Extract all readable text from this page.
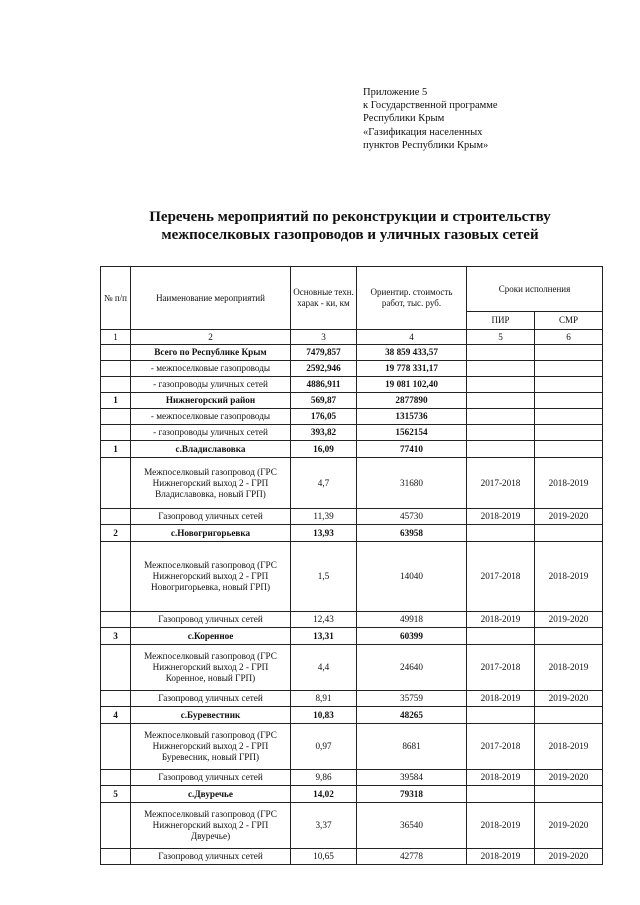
Приложение 5
к Государственной программе
Республики Крым
«Газификация населенных
пунктов Республики Крым»
Перечень мероприятий по реконструкции и строительству
межпоселковых газопроводов и уличных газовых сетей
№ п/п	Наименование мероприятий	Основные техн. харак - ки, км	Ориентир. стоимость работ, тыс. руб.	Сроки исполнения	
				ПИР	СМР
1	2	3	4	5	6
	Всего по Республике Крым	7479,857	38 859 433,57		
	- межпоселковые газопроводы	2592,946	19 778 331,17		
	- газопроводы уличных сетей	4886,911	19 081 102,40		
1	Нижнегорский район	569,87	2877890		
	- межпоселковые газопроводы	176,05	1315736		
	- газопроводы уличных сетей	393,82	1562154		
1	с.Владиславовка	16,09	77410		
	Межпоселковый газопровод (ГРС Нижнегорский выход 2 - ГРП Владиславовка, новый ГРП)	4,7	31680	2017-2018	2018-2019
	Газопровод уличных сетей	11,39	45730	2018-2019	2019-2020
2	с.Новогригорьевка	13,93	63958		
	Межпоселковый газопровод (ГРС Нижнегорский выход 2 - ГРП Новогригорьевка, новый ГРП)	1,5	14040	2017-2018	2018-2019
	Газопровод уличных сетей	12,43	49918	2018-2019	2019-2020
3	с.Коренное	13,31	60399		
	Межпоселковый газопровод (ГРС Нижнегорский выход 2 - ГРП Коренное, новый ГРП)	4,4	24640	2017-2018	2018-2019
	Газопровод уличных сетей	8,91	35759	2018-2019	2019-2020
4	с.Буревестник	10,83	48265		
	Межпоселковый газопровод (ГРС Нижнегорский выход 2 - ГРП Буревесник, новый ГРП)	0,97	8681	2017-2018	2018-2019
	Газопровод уличных сетей	9,86	39584	2018-2019	2019-2020
5	с.Двуречье	14,02	79318		
	Межпоселковый газопровод (ГРС Нижнегорский выход 2 - ГРП Двуречье)	3,37	36540	2018-2019	2019-2020
	Газопровод уличных сетей	10,65	42778	2018-2019	2019-2020
